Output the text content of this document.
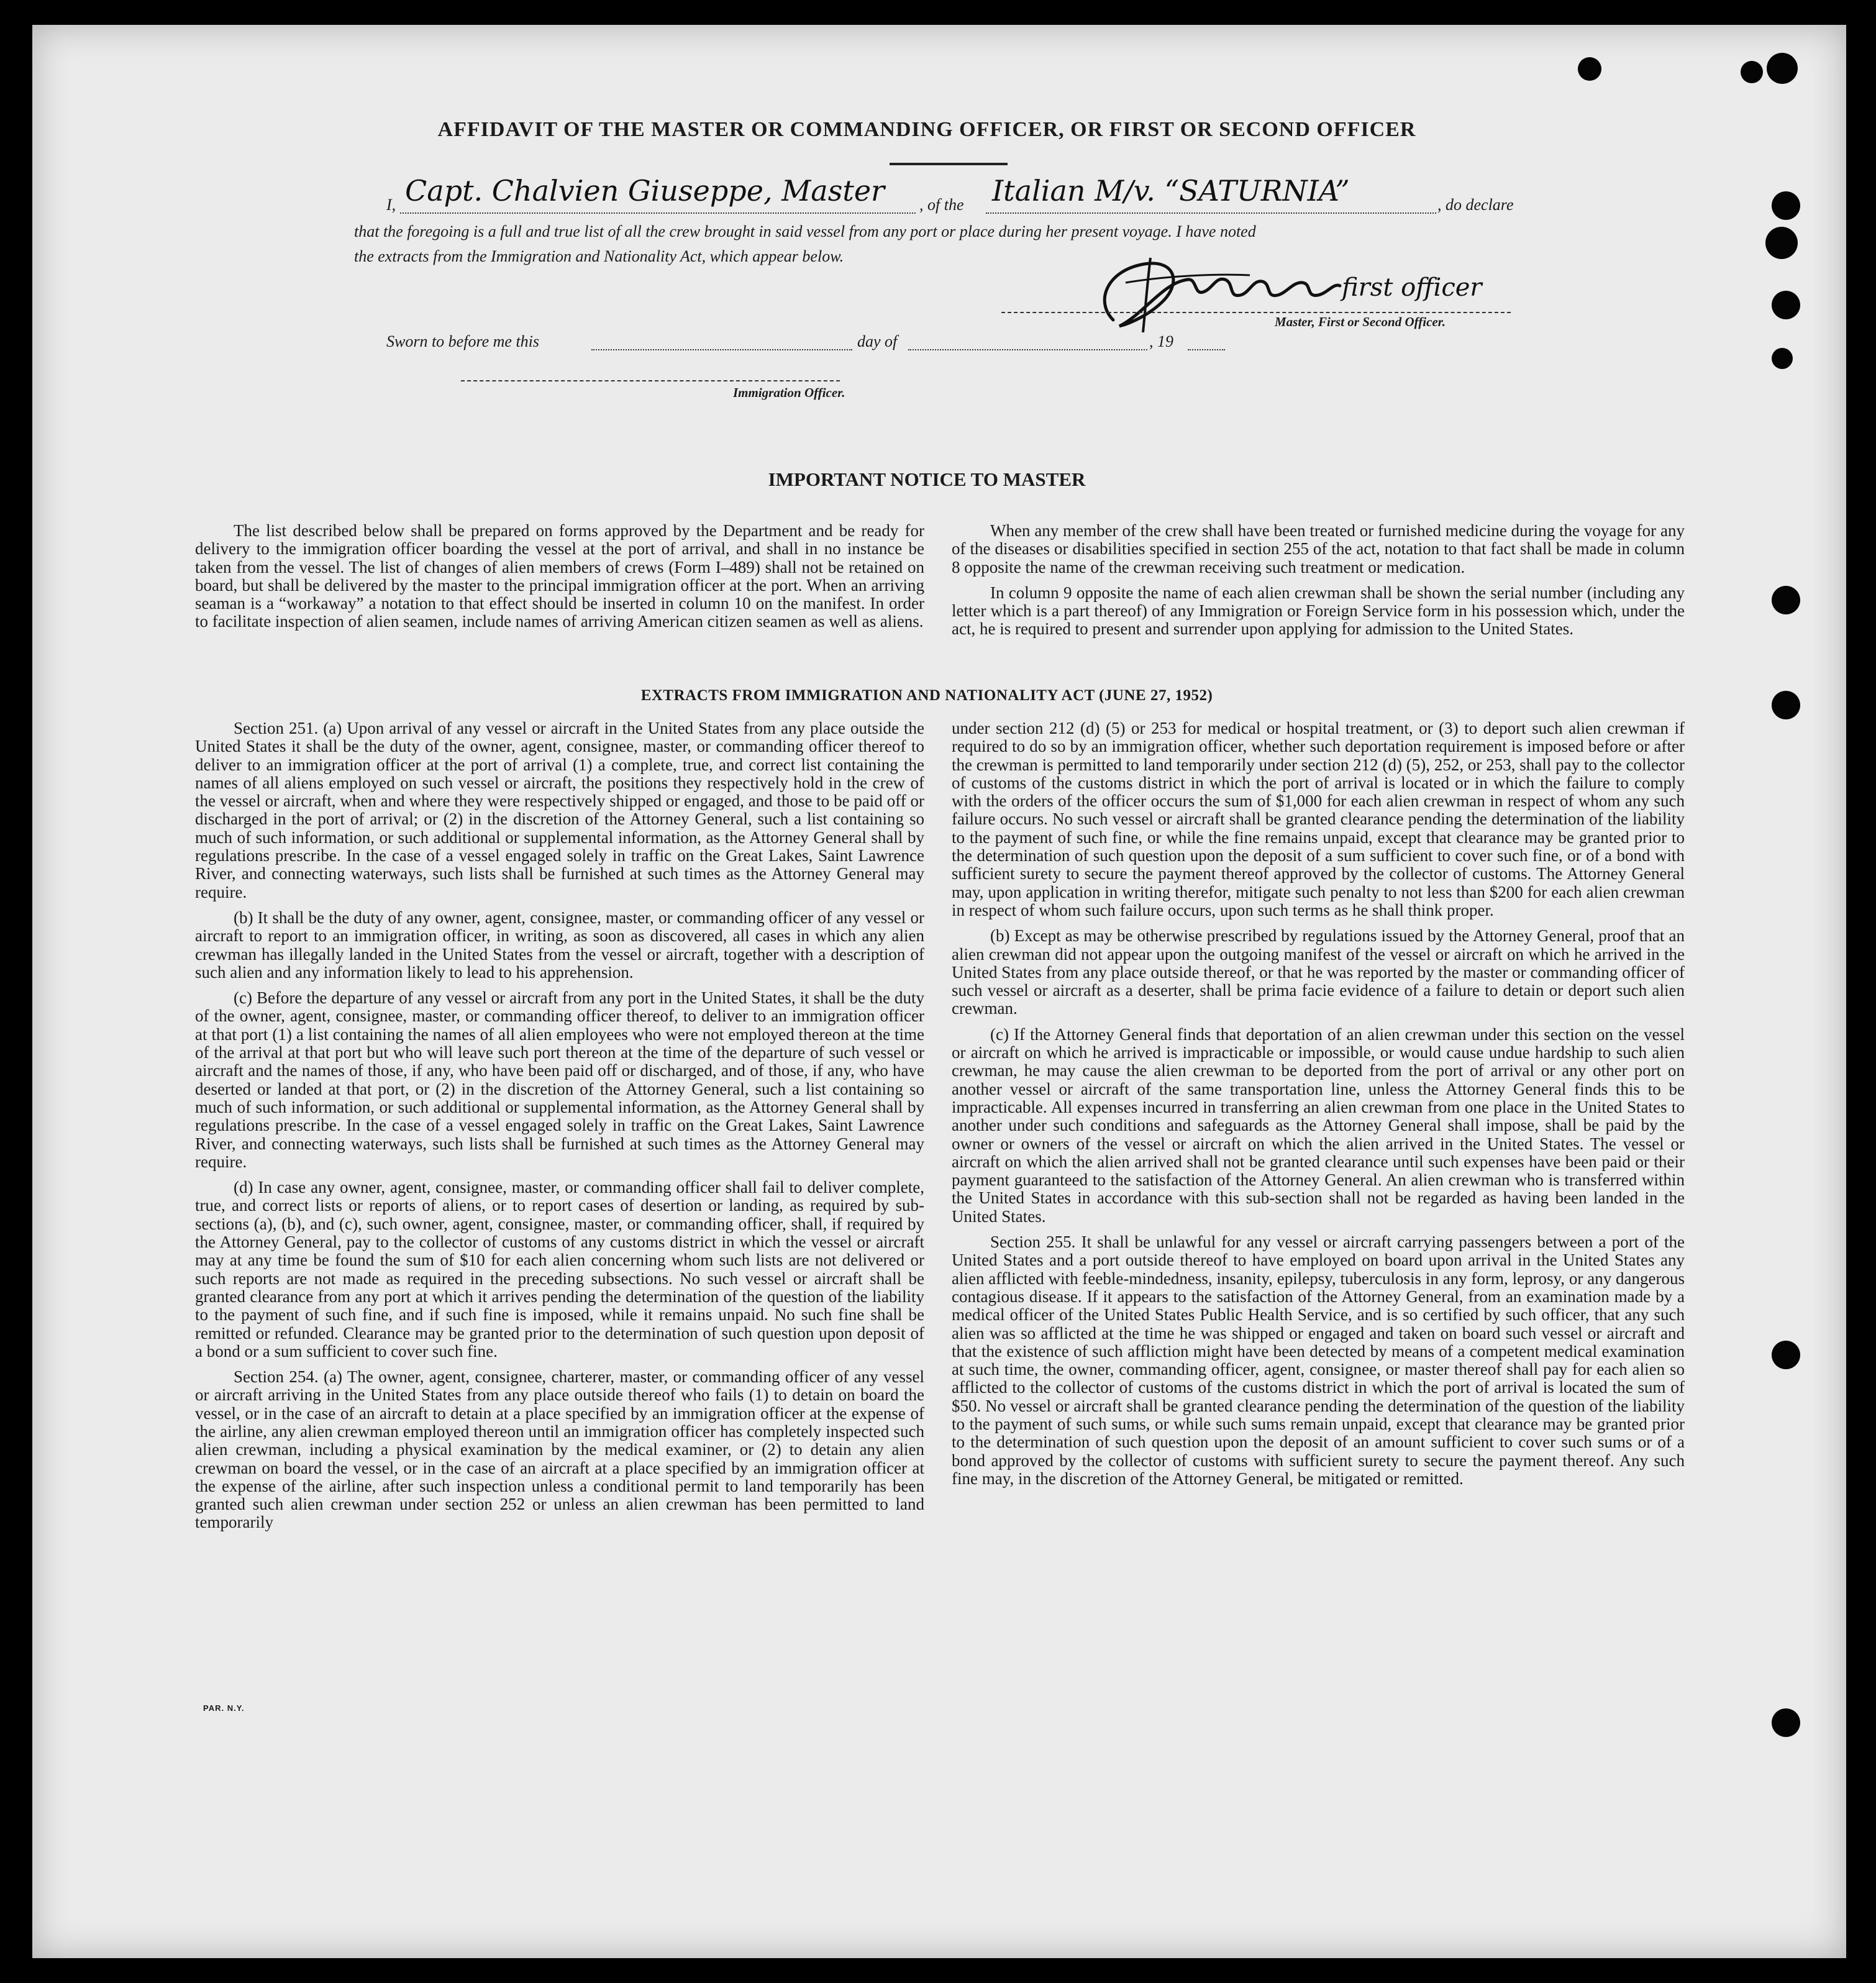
AFFIDAVIT OF THE MASTER OR COMMANDING OFFICER, OR FIRST OR SECOND OFFICER
I, Capt. Chalvien Giuseppe, Master , of the Italian M/v. “SATURNIA”	, do declare
that the foregoing is a full and true list of all the crew brought in said vessel from any port or place during her present voyage. I have noted
the extracts from the Immigration and Nationality Act, which appear below.
first officer
Master, First or Second Officer.
Sworn to before me this	day of	, 19
Immigration Officer.
IMPORTANT NOTICE TO MASTER

The list described below shall be prepared on forms approved by the Department and be ready for delivery to the immigration officer boarding the vessel at the port of arrival, and shall in no instance be taken from the vessel. The list of changes of alien members of crews (Form I–489) shall not be retained on board, but shall be delivered by the master to the principal immigration officer at the port. When an arriving seaman is a “workaway” a notation to that effect should be inserted in column 10 on the manifest. In order to facilitate inspection of alien seamen, include names of arriving American citizen seamen as well as aliens.

When any member of the crew shall have been treated or furnished medicine during the voyage for any of the diseases or disabilities specified in section 255 of the act, notation to that fact shall be made in column 8 opposite the name of the crewman receiving such treatment or medication.

In column 9 opposite the name of each alien crewman shall be shown the serial number (including any letter which is a part thereof) of any Immigration or Foreign Service form in his possession which, under the act, he is required to present and surrender upon applying for admission to the United States.

EXTRACTS FROM IMMIGRATION AND NATIONALITY ACT (JUNE 27, 1952)

Section 251. (a) Upon arrival of any vessel or aircraft in the United States from any place outside the United States it shall be the duty of the owner, agent, consignee, master, or commanding officer thereof to deliver to an immigration officer at the port of arrival (1) a complete, true, and correct list containing the names of all aliens employed on such vessel or aircraft, the positions they respectively hold in the crew of the vessel or aircraft, when and where they were respectively shipped or engaged, and those to be paid off or discharged in the port of arrival; or (2) in the discretion of the Attorney General, such a list containing so much of such information, or such additional or supplemental information, as the Attorney General shall by regulations prescribe. In the case of a vessel engaged solely in traffic on the Great Lakes, Saint Lawrence River, and connecting waterways, such lists shall be furnished at such times as the Attorney General may require.

(b) It shall be the duty of any owner, agent, consignee, master, or commanding officer of any vessel or aircraft to report to an immigration officer, in writing, as soon as discovered, all cases in which any alien crewman has illegally landed in the United States from the vessel or aircraft, together with a description of such alien and any information likely to lead to his apprehension.

(c) Before the departure of any vessel or aircraft from any port in the United States, it shall be the duty of the owner, agent, consignee, master, or commanding officer thereof, to deliver to an immigration officer at that port (1) a list containing the names of all alien employees who were not employed thereon at the time of the arrival at that port but who will leave such port thereon at the time of the departure of such vessel or aircraft and the names of those, if any, who have been paid off or discharged, and of those, if any, who have deserted or landed at that port, or (2) in the discretion of the Attorney General, such a list containing so much of such information, or such additional or supplemental information, as the Attorney General shall by regulations prescribe. In the case of a vessel engaged solely in traffic on the Great Lakes, Saint Lawrence River, and connecting waterways, such lists shall be furnished at such times as the Attorney General may require.

(d) In case any owner, agent, consignee, master, or commanding officer shall fail to deliver complete, true, and correct lists or reports of aliens, or to report cases of desertion or landing, as required by sub-sections (a), (b), and (c), such owner, agent, consignee, master, or commanding officer, shall, if required by the Attorney General, pay to the collector of customs of any customs district in which the vessel or aircraft may at any time be found the sum of $10 for each alien concerning whom such lists are not delivered or such reports are not made as required in the preceding subsections. No such vessel or aircraft shall be granted clearance from any port at which it arrives pending the determination of the question of the liability to the payment of such fine, and if such fine is imposed, while it remains unpaid. No such fine shall be remitted or refunded. Clearance may be granted prior to the determination of such question upon deposit of a bond or a sum sufficient to cover such fine.

Section 254. (a) The owner, agent, consignee, charterer, master, or commanding officer of any vessel or aircraft arriving in the United States from any place outside thereof who fails (1) to detain on board the vessel, or in the case of an aircraft to detain at a place specified by an immigration officer at the expense of the airline, any alien crewman employed thereon until an immigration officer has completely inspected such alien crewman, including a physical examination by the medical examiner, or (2) to detain any alien crewman on board the vessel, or in the case of an aircraft at a place specified by an immigration officer at the expense of the airline, after such inspection unless a conditional permit to land temporarily has been granted such alien crewman under section 252 or unless an alien crewman has been permitted to land temporarily

under section 212 (d) (5) or 253 for medical or hospital treatment, or (3) to deport such alien crewman if required to do so by an immigration officer, whether such deportation requirement is imposed before or after the crewman is permitted to land temporarily under section 212 (d) (5), 252, or 253, shall pay to the collector of customs of the customs district in which the port of arrival is located or in which the failure to comply with the orders of the officer occurs the sum of $1,000 for each alien crewman in respect of whom any such failure occurs. No such vessel or aircraft shall be granted clearance pending the determination of the liability to the payment of such fine, or while the fine remains unpaid, except that clearance may be granted prior to the determination of such question upon the deposit of a sum sufficient to cover such fine, or of a bond with sufficient surety to secure the payment thereof approved by the collector of customs. The Attorney General may, upon application in writing therefor, mitigate such penalty to not less than $200 for each alien crewman in respect of whom such failure occurs, upon such terms as he shall think proper.

(b) Except as may be otherwise prescribed by regulations issued by the Attorney General, proof that an alien crewman did not appear upon the outgoing manifest of the vessel or aircraft on which he arrived in the United States from any place outside thereof, or that he was reported by the master or commanding officer of such vessel or aircraft as a deserter, shall be prima facie evidence of a failure to detain or deport such alien crewman.

(c) If the Attorney General finds that deportation of an alien crewman under this section on the vessel or aircraft on which he arrived is impracticable or impossible, or would cause undue hardship to such alien crewman, he may cause the alien crewman to be deported from the port of arrival or any other port on another vessel or aircraft of the same transportation line, unless the Attorney General finds this to be impracticable. All expenses incurred in transferring an alien crewman from one place in the United States to another under such conditions and safeguards as the Attorney General shall impose, shall be paid by the owner or owners of the vessel or aircraft on which the alien arrived in the United States. The vessel or aircraft on which the alien arrived shall not be granted clearance until such expenses have been paid or their payment guaranteed to the satisfaction of the Attorney General. An alien crewman who is transferred within the United States in accordance with this sub-section shall not be regarded as having been landed in the United States.

Section 255. It shall be unlawful for any vessel or aircraft carrying passengers between a port of the United States and a port outside thereof to have employed on board upon arrival in the United States any alien afflicted with feeble-mindedness, insanity, epilepsy, tuberculosis in any form, leprosy, or any dangerous contagious disease. If it appears to the satisfaction of the Attorney General, from an examination made by a medical officer of the United States Public Health Service, and is so certified by such officer, that any such alien was so afflicted at the time he was shipped or engaged and taken on board such vessel or aircraft and that the existence of such affliction might have been detected by means of a competent medical examination at such time, the owner, commanding officer, agent, consignee, or master thereof shall pay for each alien so afflicted to the collector of customs of the customs district in which the port of arrival is located the sum of $50. No vessel or aircraft shall be granted clearance pending the determination of the question of the liability to the payment of such sums, or while such sums remain unpaid, except that clearance may be granted prior to the determination of such question upon the deposit of an amount sufficient to cover such sums or of a bond approved by the collector of customs with sufficient surety to secure the payment thereof. Any such fine may, in the discretion of the Attorney General, be mitigated or remitted.

PAR. N.Y.
